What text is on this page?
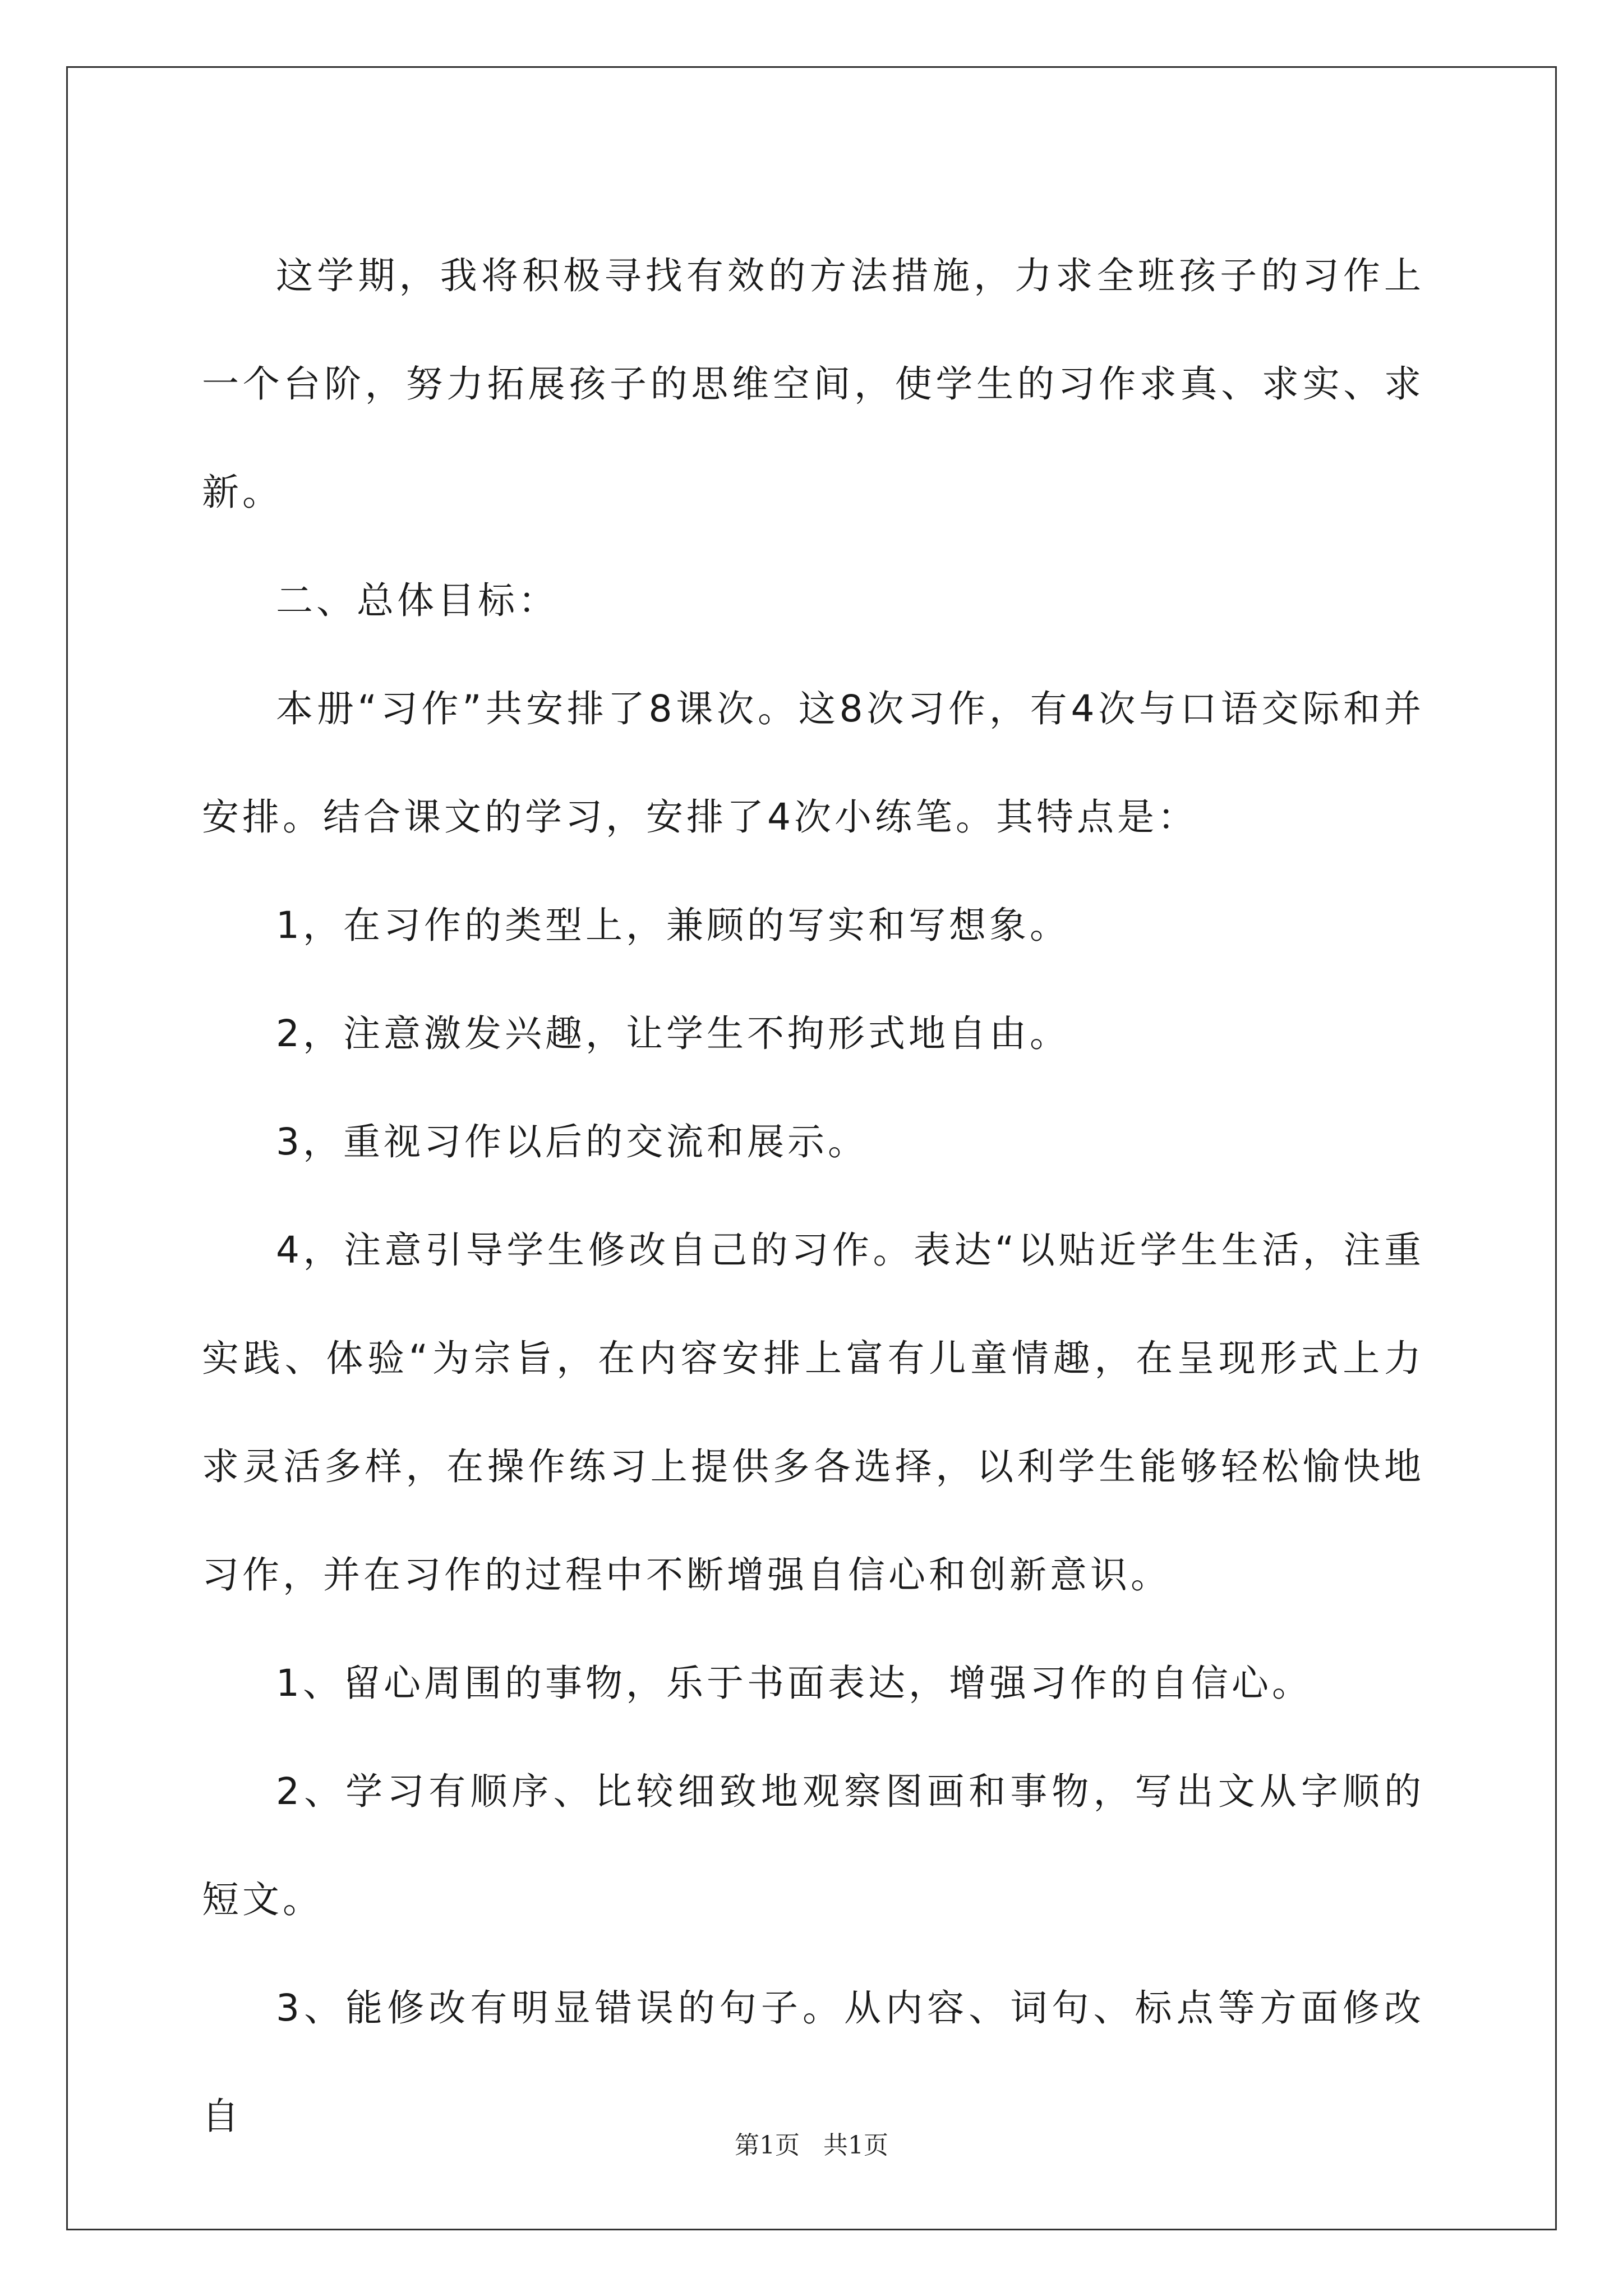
这学期，我将积极寻找有效的方法措施，力求全班孩子的习作上一个台阶，努力拓展孩子的思维空间，使学生的习作求真、求实、求新。

二、总体目标：

本册“习作”共安排了8课次。这8次习作，有4次与口语交际和并安排。结合课文的学习，安排了4次小练笔。其特点是：

1，在习作的类型上，兼顾的写实和写想象。

2，注意激发兴趣，让学生不拘形式地自由。

3，重视习作以后的交流和展示。

4，注意引导学生修改自己的习作。表达“以贴近学生生活，注重实践、体验“为宗旨，在内容安排上富有儿童情趣，在呈现形式上力求灵活多样，在操作练习上提供多各选择，以利学生能够轻松愉快地习作，并在习作的过程中不断增强自信心和创新意识。

1、留心周围的事物，乐于书面表达，增强习作的自信心。

2、学习有顺序、比较细致地观察图画和事物，写出文从字顺的短文。

3、能修改有明显错误的句子。从内容、词句、标点等方面修改自

第1页 共1页
